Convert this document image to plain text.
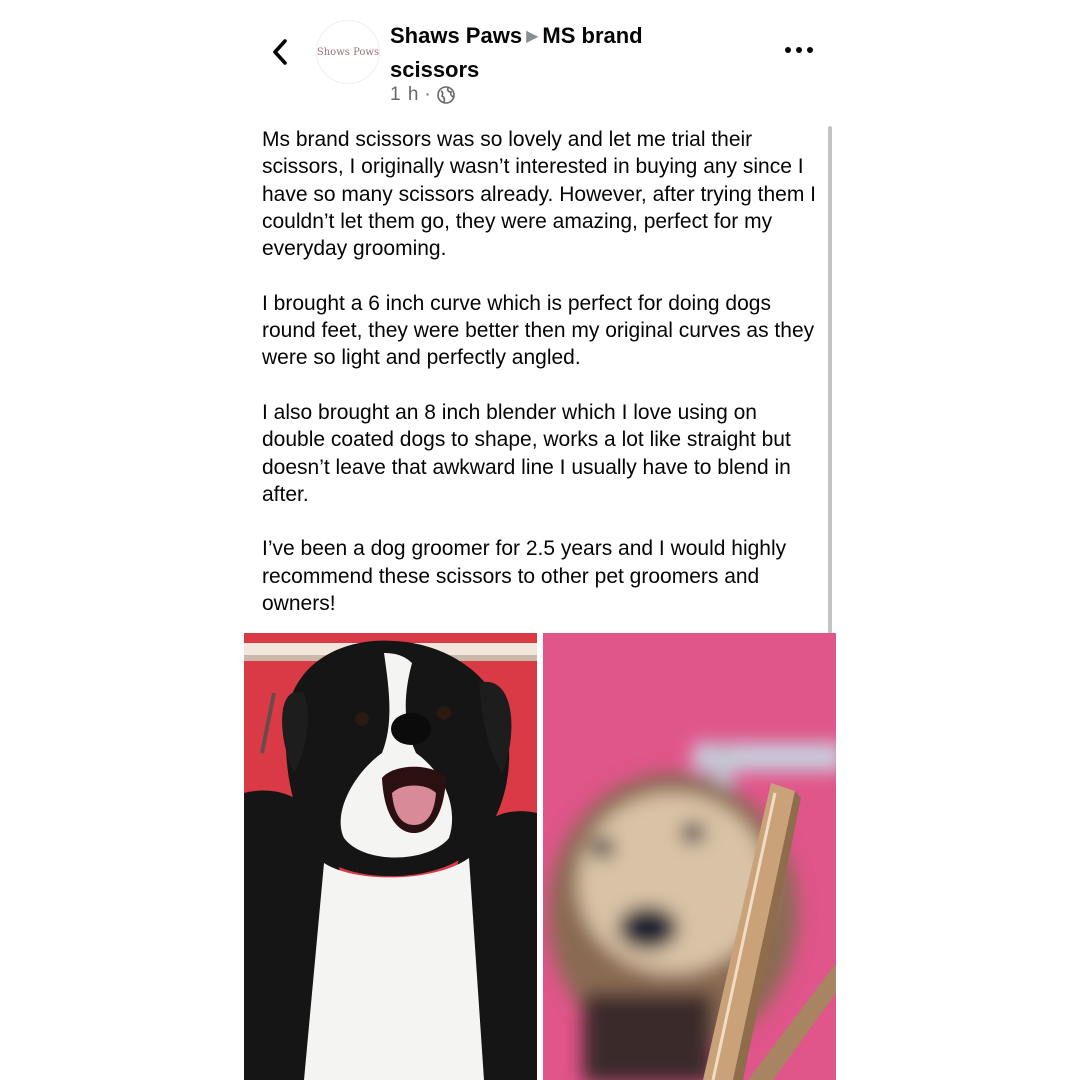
Shows Pows
Shaws Paws ▶ MS brand scissors
1 h ·

Ms brand scissors was so lovely and let me trial their scissors, I originally wasn’t interested in buying any since I have so many scissors already. However, after trying them I couldn’t let them go, they were amazing, perfect for my everyday grooming.

I brought a 6 inch curve which is perfect for doing dogs round feet, they were better then my original curves as they were so light and perfectly angled.

I also brought an 8 inch blender which I love using on double coated dogs to shape, works a lot like straight but doesn’t leave that awkward line I usually have to blend in after.

I’ve been a dog groomer for 2.5 years and I would highly recommend these scissors to other pet groomers and owners!
